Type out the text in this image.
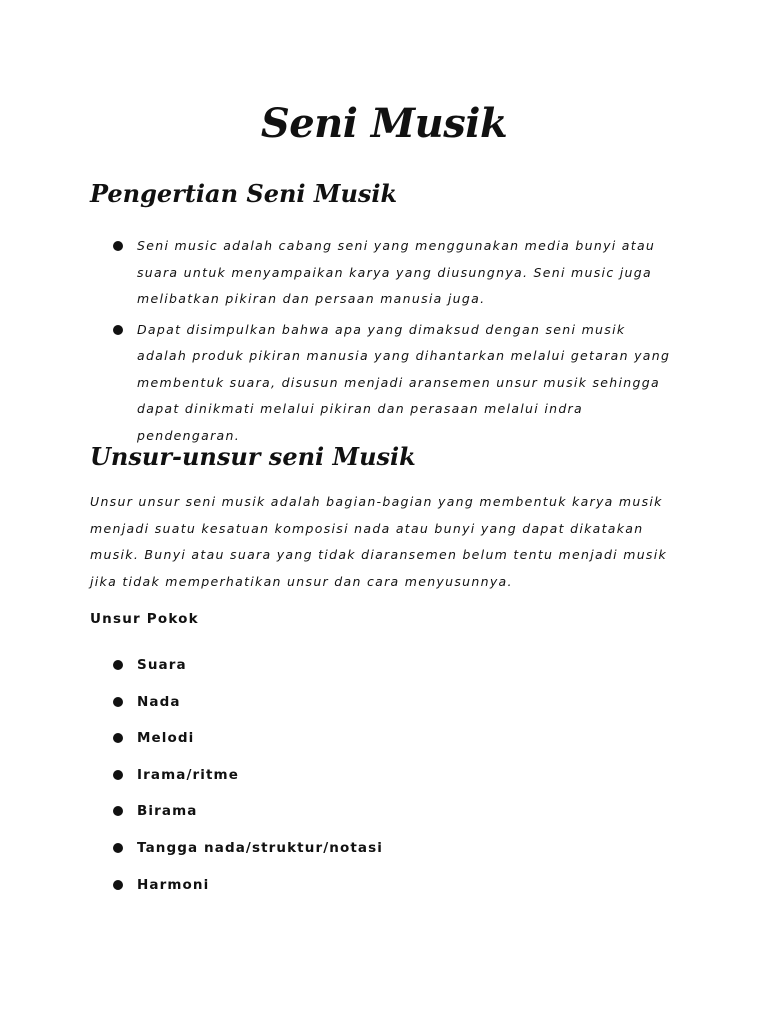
Seni Musik
Pengertian Seni Musik
Seni music adalah cabang seni yang menggunakan media bunyi atau suara untuk menyampaikan karya yang diusungnya. Seni music juga melibatkan pikiran dan persaan manusia juga.
Dapat disimpulkan bahwa apa yang dimaksud dengan seni musik adalah produk pikiran manusia yang dihantarkan melalui getaran yang membentuk suara, disusun menjadi aransemen unsur musik sehingga dapat dinikmati melalui pikiran dan perasaan melalui indra pendengaran.
Unsur-unsur seni Musik

Unsur unsur seni musik adalah bagian-bagian yang membentuk karya musik menjadi suatu kesatuan komposisi nada atau bunyi yang dapat dikatakan musik. Bunyi atau suara yang tidak diaransemen belum tentu menjadi musik jika tidak memperhatikan unsur dan cara menyusunnya.

Unsur Pokok
Suara
Nada
Melodi
Irama/ritme
Birama
Tangga nada/struktur/notasi
Harmoni
